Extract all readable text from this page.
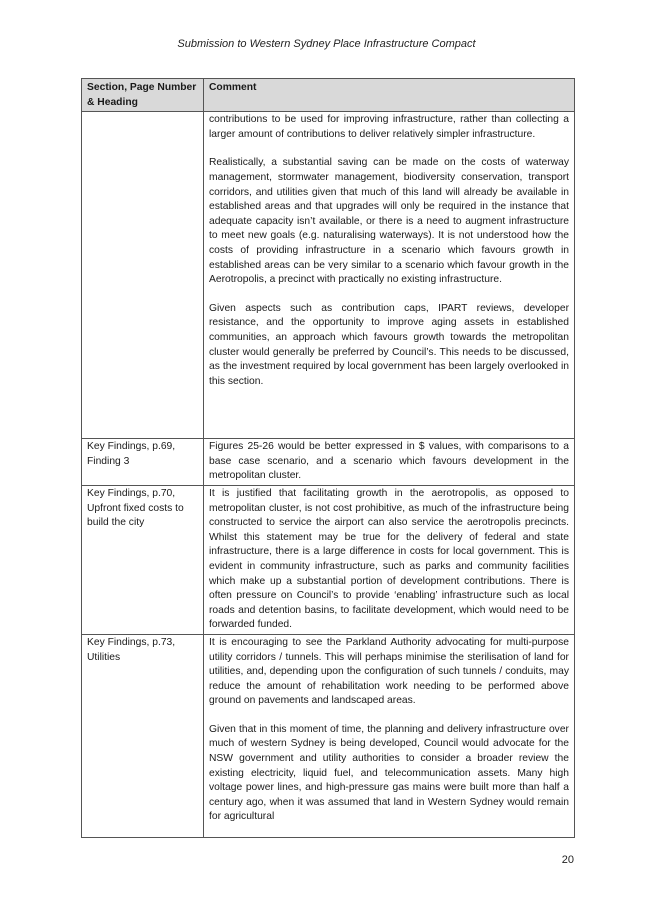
Submission to Western Sydney Place Infrastructure Compact
Section, Page Number & Heading	Comment

	contributions to be used for improving infrastructure, rather than collecting a larger amount of contributions to deliver relatively simpler infrastructure.

Realistically, a substantial saving can be made on the costs of waterway management, stormwater management, biodiversity conservation, transport corridors, and utilities given that much of this land will already be available in established areas and that upgrades will only be required in the instance that adequate capacity isn’t available, or there is a need to augment infrastructure to meet new goals (e.g. naturalising waterways). It is not understood how the costs of providing infrastructure in a scenario which favours growth in established areas can be very similar to a scenario which favour growth in the Aerotropolis, a precinct with practically no existing infrastructure.

Given aspects such as contribution caps, IPART reviews, developer resistance, and the opportunity to improve aging assets in established communities, an approach which favours growth towards the metropolitan cluster would generally be preferred by Council’s. This needs to be discussed, as the investment required by local government has been largely overlooked in this section.

Key Findings, p.69, Finding 3	Figures 25-26 would be better expressed in $ values, with comparisons to a base case scenario, and a scenario which favours development in the metropolitan cluster.

Key Findings, p.70, Upfront fixed costs to build the city	It is justified that facilitating growth in the aerotropolis, as opposed to metropolitan cluster, is not cost prohibitive, as much of the infrastructure being constructed to service the airport can also service the aerotropolis precincts. Whilst this statement may be true for the delivery of federal and state infrastructure, there is a large difference in costs for local government. This is evident in community infrastructure, such as parks and community facilities which make up a substantial portion of development contributions. There is often pressure on Council’s to provide ‘enabling’ infrastructure such as local roads and detention basins, to facilitate development, which would need to be forwarded funded.

Key Findings, p.73, Utilities	It is encouraging to see the Parkland Authority advocating for multi-purpose utility corridors / tunnels. This will perhaps minimise the sterilisation of land for utilities, and, depending upon the configuration of such tunnels / conduits, may reduce the amount of rehabilitation work needing to be performed above ground on pavements and landscaped areas.

Given that in this moment of time, the planning and delivery infrastructure over much of western Sydney is being developed, Council would advocate for the NSW government and utility authorities to consider a broader review the existing electricity, liquid fuel, and telecommunication assets. Many high voltage power lines, and high-pressure gas mains were built more than half a century ago, when it was assumed that land in Western Sydney would remain for agricultural

20
